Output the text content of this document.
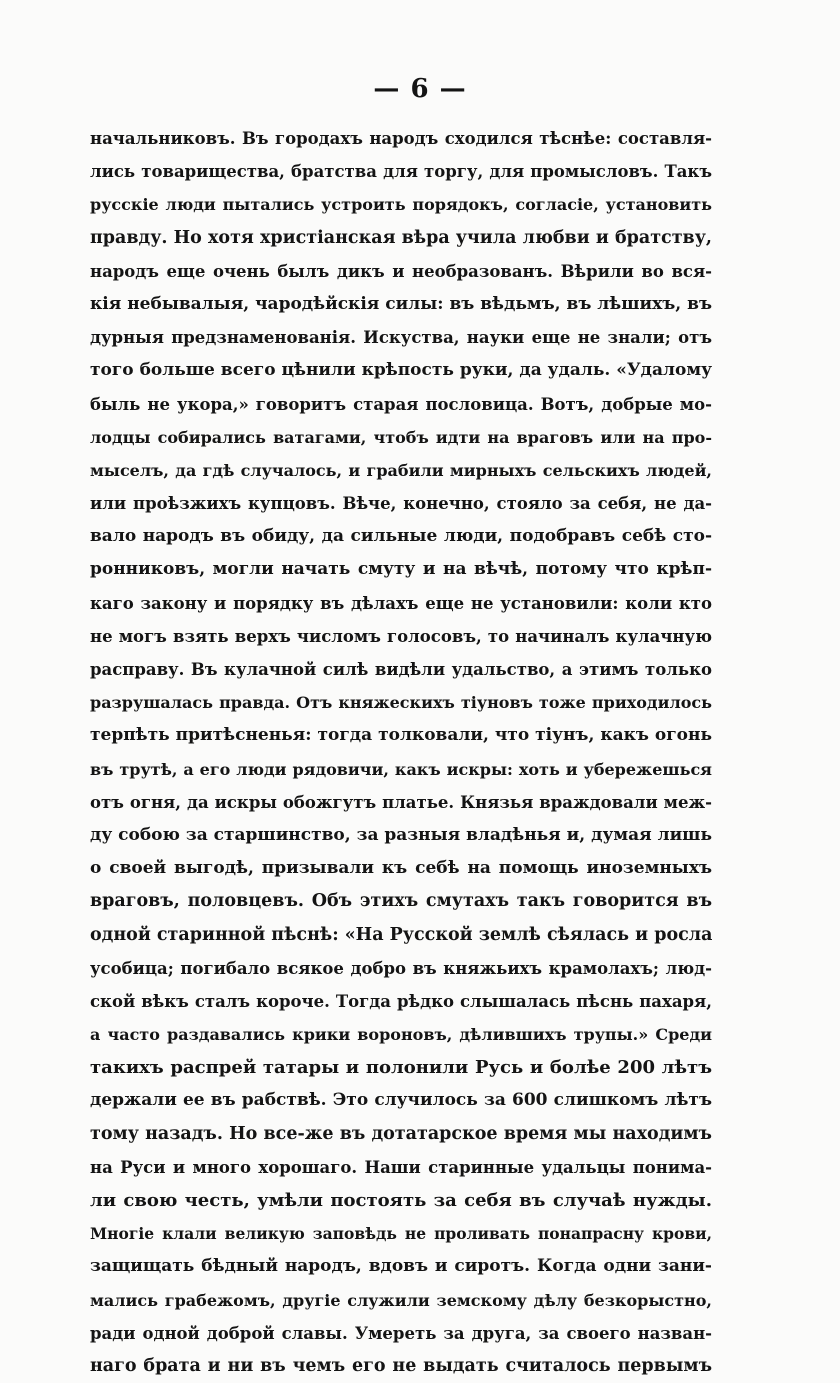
— 6 —
начальниковъ. Въ городахъ народъ сходился тѣснѣе: составля-
лись товарищества, братства для торгу, для промысловъ. Такъ
русскіе люди пытались устроить порядокъ, согласіе, установить
правду. Но хотя христіанская вѣра учила любви и братству,
народъ еще очень былъ дикъ и необразованъ. Вѣрили во вся-
кія небывалыя, чародѣйскія силы: въ вѣдьмъ, въ лѣшихъ, въ
дурныя предзнаменованія. Искуства, науки еще не знали; отъ
того больше всего цѣнили крѣпость руки, да удаль. «Удалому
быль не укора,» говоритъ старая пословица. Вотъ, добрые мо-
лодцы собирались ватагами, чтобъ идти на враговъ или на про-
мыселъ, да гдѣ случалось, и грабили мирныхъ сельскихъ людей,
или проѣзжихъ купцовъ. Вѣче, конечно, стояло за себя, не да-
вало народъ въ обиду, да сильные люди, подобравъ себѣ сто-
ронниковъ, могли начать смуту и на вѣчѣ, потому что крѣп-
каго закону и порядку въ дѣлахъ еще не установили: коли кто
не могъ взять верхъ числомъ голосовъ, то начиналъ кулачную
расправу. Въ кулачной силѣ видѣли удальство, а этимъ только
разрушалась правда. Отъ княжескихъ тіуновъ тоже приходилось
терпѣть притѣсненья: тогда толковали, что тіунъ, какъ огонь
въ трутѣ, а его люди рядовичи, какъ искры: хоть и убережешься
отъ огня, да искры обожгутъ платье. Князья враждовали меж-
ду собою за старшинство, за разныя владѣнья и, думая лишь
о своей выгодѣ, призывали къ себѣ на помощь иноземныхъ
враговъ, половцевъ. Объ этихъ смутахъ такъ говорится въ
одной старинной пѣснѣ: «На Русской землѣ сѣялась и росла
усобица; погибало всякое добро въ княжьихъ крамолахъ; люд-
ской вѣкъ сталъ короче. Тогда рѣдко слышалась пѣснь пахаря,
а часто раздавались крики вороновъ, дѣлившихъ трупы.» Среди
такихъ распрей татары и полонили Русь и болѣе 200 лѣтъ
держали ее въ рабствѣ. Это случилось за 600 слишкомъ лѣтъ
тому назадъ. Но все-же въ дотатарское время мы находимъ
на Руси и много хорошаго. Наши старинные удальцы понима-
ли свою честь, умѣли постоять за себя въ случаѣ нужды.
Многіе клали великую заповѣдь не проливать понапрасну крови,
защищать бѣдный народъ, вдовъ и сиротъ. Когда одни зани-
мались грабежомъ, другіе служили земскому дѣлу безкорыстно,
ради одной доброй славы. Умереть за друга, за своего назван-
наго брата и ни въ чемъ его не выдать считалось первымъ
